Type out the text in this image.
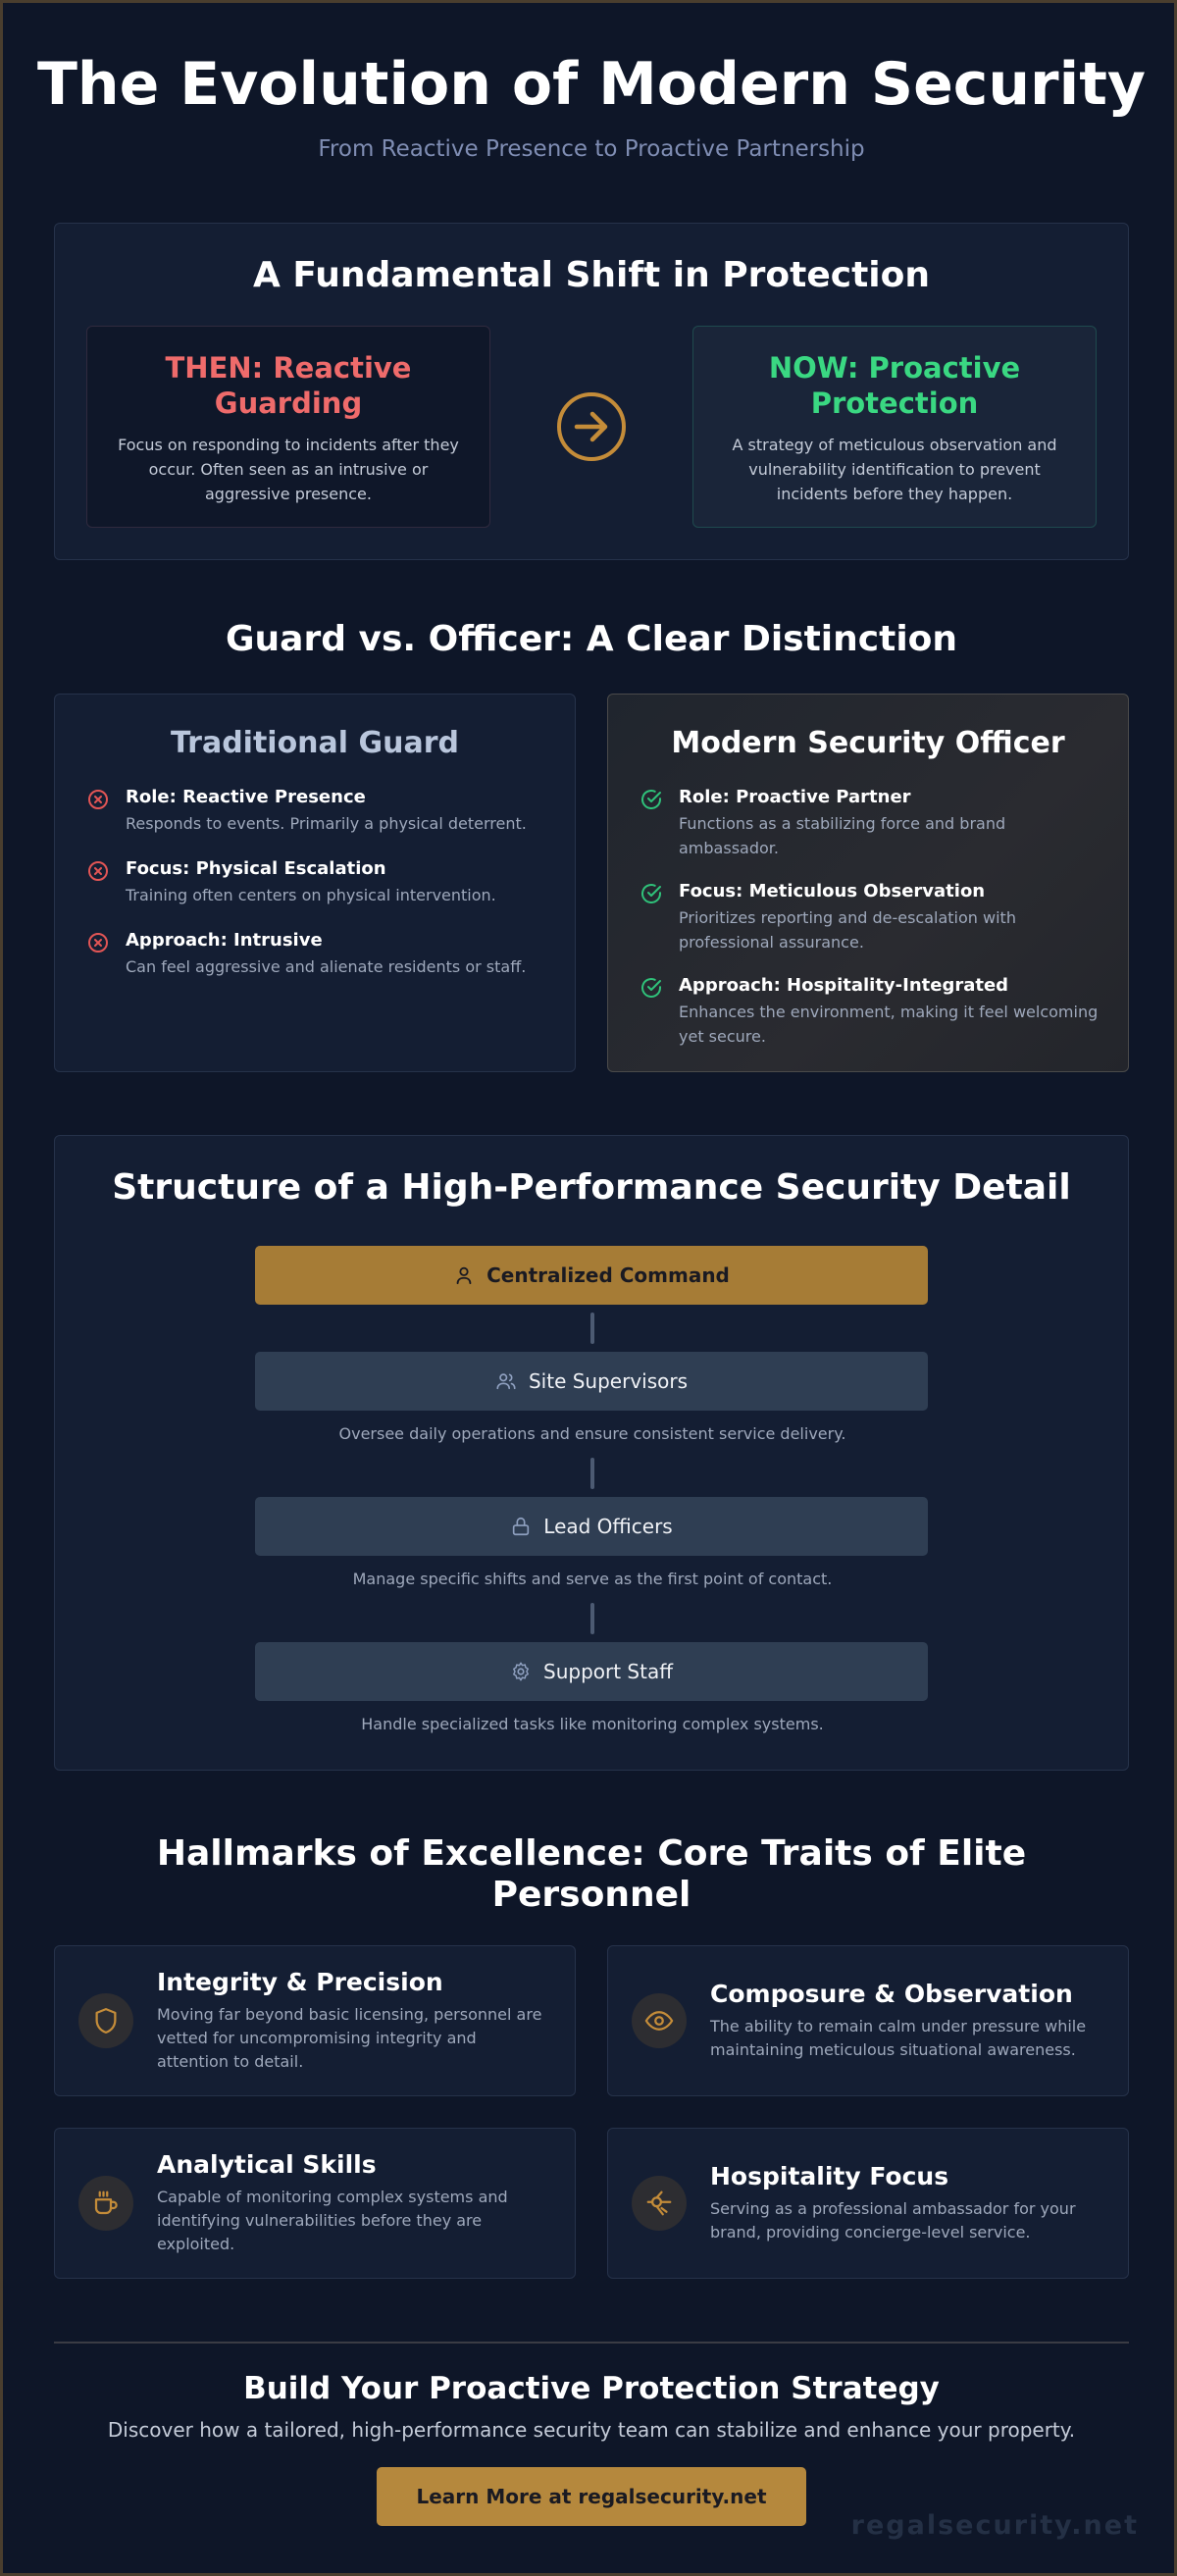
The Evolution of Modern Security
From Reactive Presence to Proactive Partnership
A Fundamental Shift in Protection
THEN: Reactive Guarding

Focus on responding to incidents after they occur. Often seen as an intrusive or aggressive presence.

NOW: Proactive Protection

A strategy of meticulous observation and vulnerability identification to prevent incidents before they happen.

Guard vs. Officer: A Clear Distinction
Traditional Guard
Role: Reactive Presence
Responds to events. Primarily a physical deterrent.
Focus: Physical Escalation
Training often centers on physical intervention.
Approach: Intrusive
Can feel aggressive and alienate residents or staff.
Modern Security Officer
Role: Proactive Partner
Functions as a stabilizing force and brand ambassador.
Focus: Meticulous Observation
Prioritizes reporting and de-escalation with professional assurance.
Approach: Hospitality-Integrated
Enhances the environment, making it feel welcoming yet secure.
Structure of a High-Performance Security Detail
Centralized Command
Site Supervisors
Oversee daily operations and ensure consistent service delivery.
Lead Officers
Manage specific shifts and serve as the first point of contact.
Support Staff
Handle specialized tasks like monitoring complex systems.
Hallmarks of Excellence: Core Traits of Elite Personnel
Integrity & Precision
Moving far beyond basic licensing, personnel are vetted for uncompromising integrity and attention to detail.
Composure & Observation
The ability to remain calm under pressure while maintaining meticulous situational awareness.
Analytical Skills
Capable of monitoring complex systems and identifying vulnerabilities before they are exploited.
Hospitality Focus
Serving as a professional ambassador for your brand, providing concierge-level service.
Build Your Proactive Protection Strategy
Discover how a tailored, high-performance security team can stabilize and enhance your property.
Learn More at regalsecurity.net
regalsecurity.net
